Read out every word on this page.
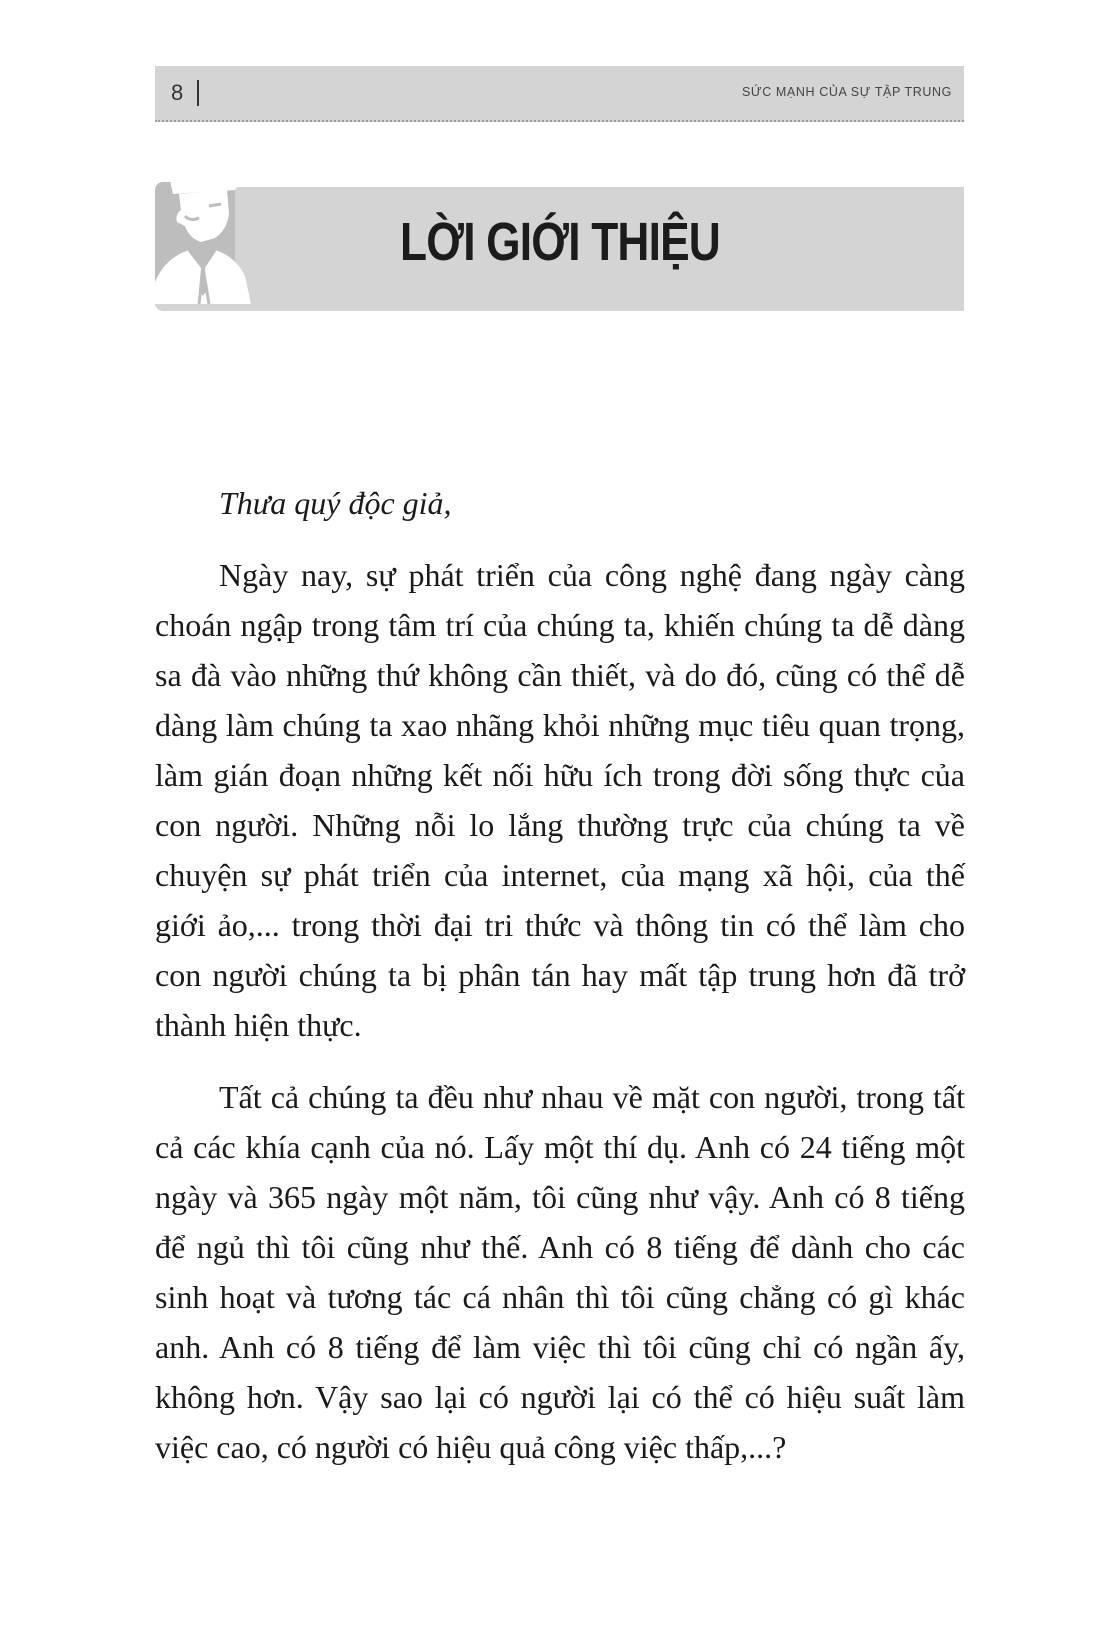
8	SỨC MẠNH CỦA SỰ TẬP TRUNG
LỜI GIỚI THIỆU

Thưa quý độc giả,

Ngày nay, sự phát triển của công nghệ đang ngày càng choán ngập trong tâm trí của chúng ta, khiến chúng ta dễ dàng sa đà vào những thứ không cần thiết, và do đó, cũng có thể dễ dàng làm chúng ta xao nhãng khỏi những mục tiêu quan trọng, làm gián đoạn những kết nối hữu ích trong đời sống thực của con người. Những nỗi lo lắng thường trực của chúng ta về chuyện sự phát triển của internet, của mạng xã hội, của thế giới ảo,... trong thời đại tri thức và thông tin có thể làm cho con người chúng ta bị phân tán hay mất tập trung hơn đã trở thành hiện thực.

Tất cả chúng ta đều như nhau về mặt con người, trong tất cả các khía cạnh của nó. Lấy một thí dụ. Anh có 24 tiếng một ngày và 365 ngày một năm, tôi cũng như vậy. Anh có 8 tiếng để ngủ thì tôi cũng như thế. Anh có 8 tiếng để dành cho các sinh hoạt và tương tác cá nhân thì tôi cũng chẳng có gì khác anh. Anh có 8 tiếng để làm việc thì tôi cũng chỉ có ngần ấy, không hơn. Vậy sao lại có người lại có thể có hiệu suất làm việc cao, có người có hiệu quả công việc thấp,...?
